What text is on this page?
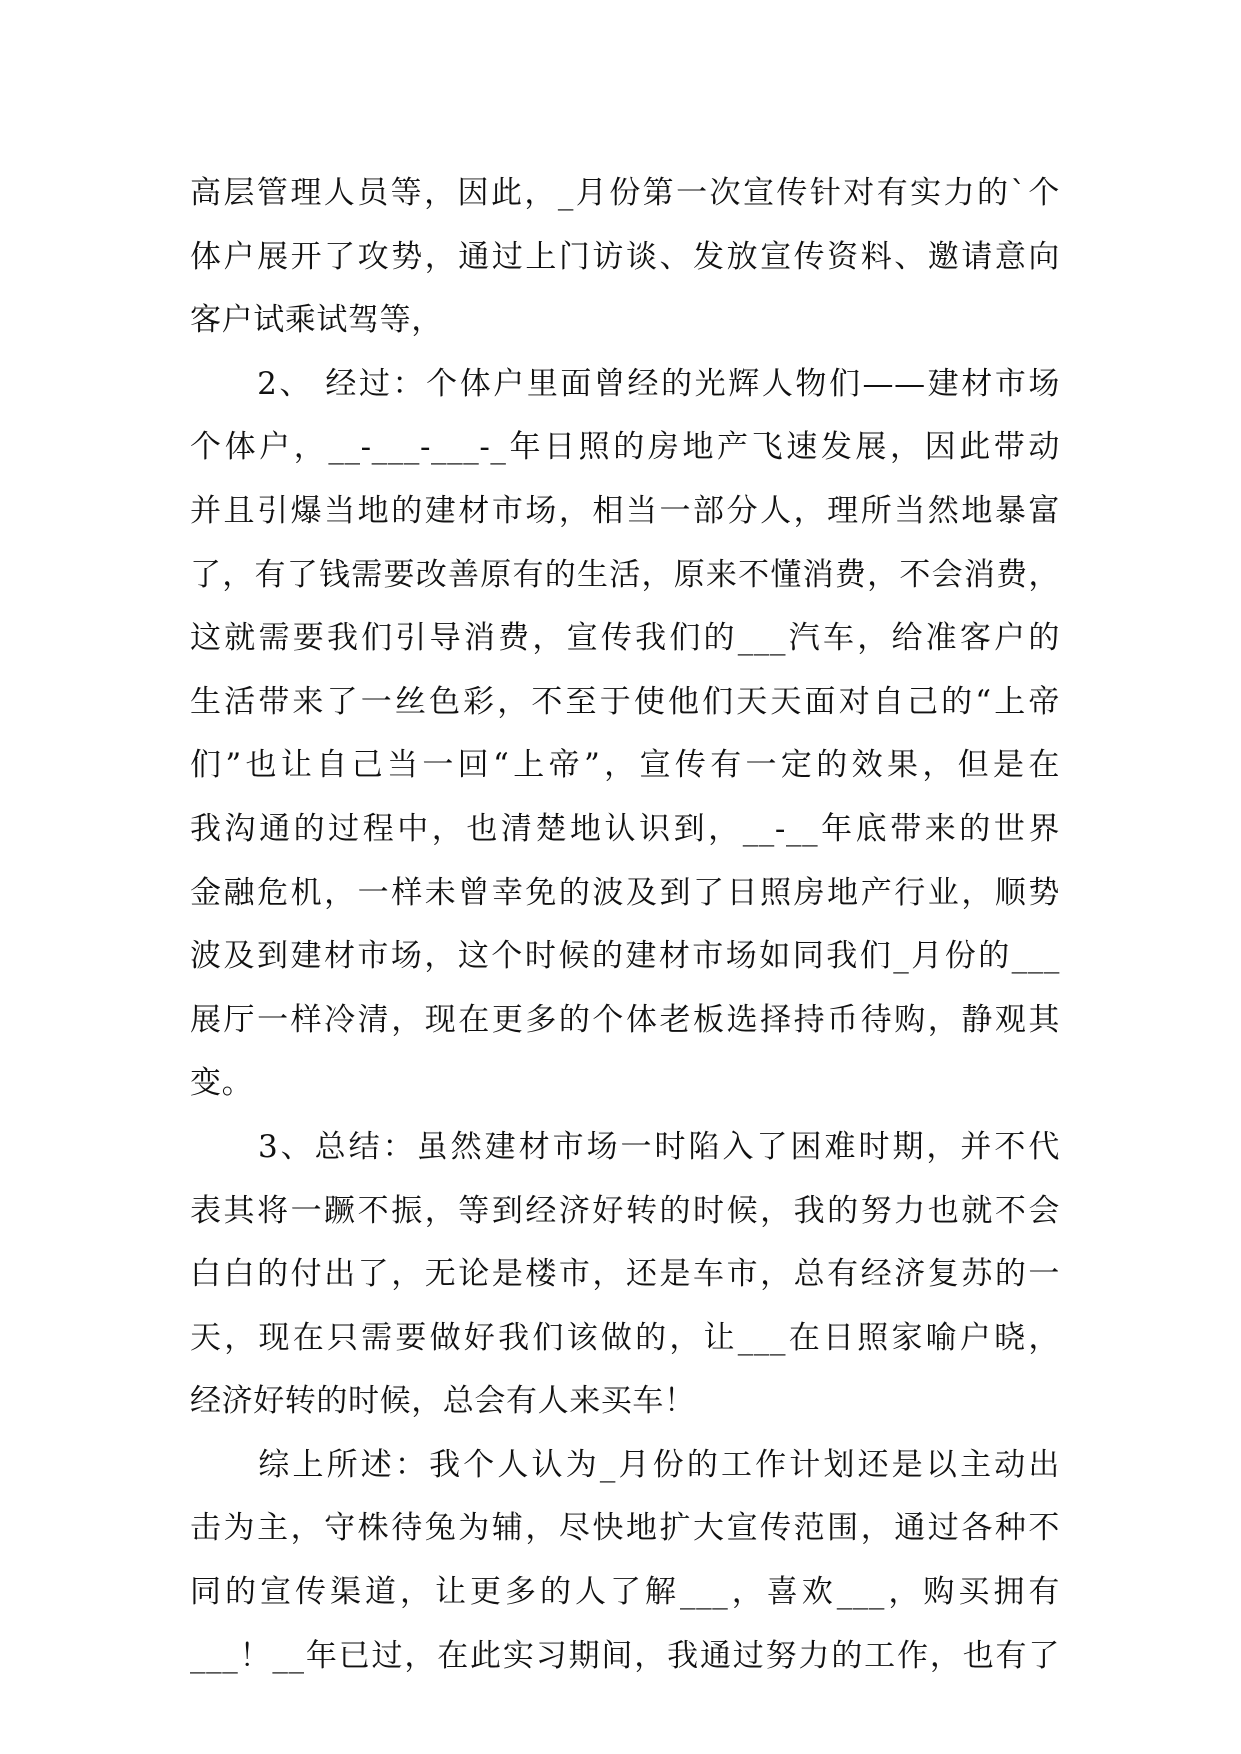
高层管理人员等，因此，_月份第一次宣传针对有实力的`个
体户展开了攻势，通过上门访谈、发放宣传资料、邀请意向
客户试乘试驾等，
　　2、 经过：个体户里面曾经的光辉人物们——建材市场
个体户，__-___-___-_年日照的房地产飞速发展，因此带动
并且引爆当地的建材市场，相当一部分人，理所当然地暴富
了，有了钱需要改善原有的生活，原来不懂消费，不会消费，
这就需要我们引导消费，宣传我们的___汽车，给准客户的
生活带来了一丝色彩，不至于使他们天天面对自己的“上帝
们”也让自己当一回“上帝”，宣传有一定的效果，但是在
我沟通的过程中，也清楚地认识到，__-__年底带来的世界
金融危机，一样未曾幸免的波及到了日照房地产行业，顺势
波及到建材市场，这个时候的建材市场如同我们_月份的___
展厅一样冷清，现在更多的个体老板选择持币待购，静观其
变。
　　3、总结：虽然建材市场一时陷入了困难时期，并不代
表其将一蹶不振，等到经济好转的时候，我的努力也就不会
白白的付出了，无论是楼市，还是车市，总有经济复苏的一
天，现在只需要做好我们该做的，让___在日照家喻户晓，
经济好转的时候，总会有人来买车！
　　综上所述：我个人认为_月份的工作计划还是以主动出
击为主，守株待兔为辅，尽快地扩大宣传范围，通过各种不
同的宣传渠道，让更多的人了解___，喜欢___，购买拥有
___！__年已过，在此实习期间，我通过努力的工作，也有了
